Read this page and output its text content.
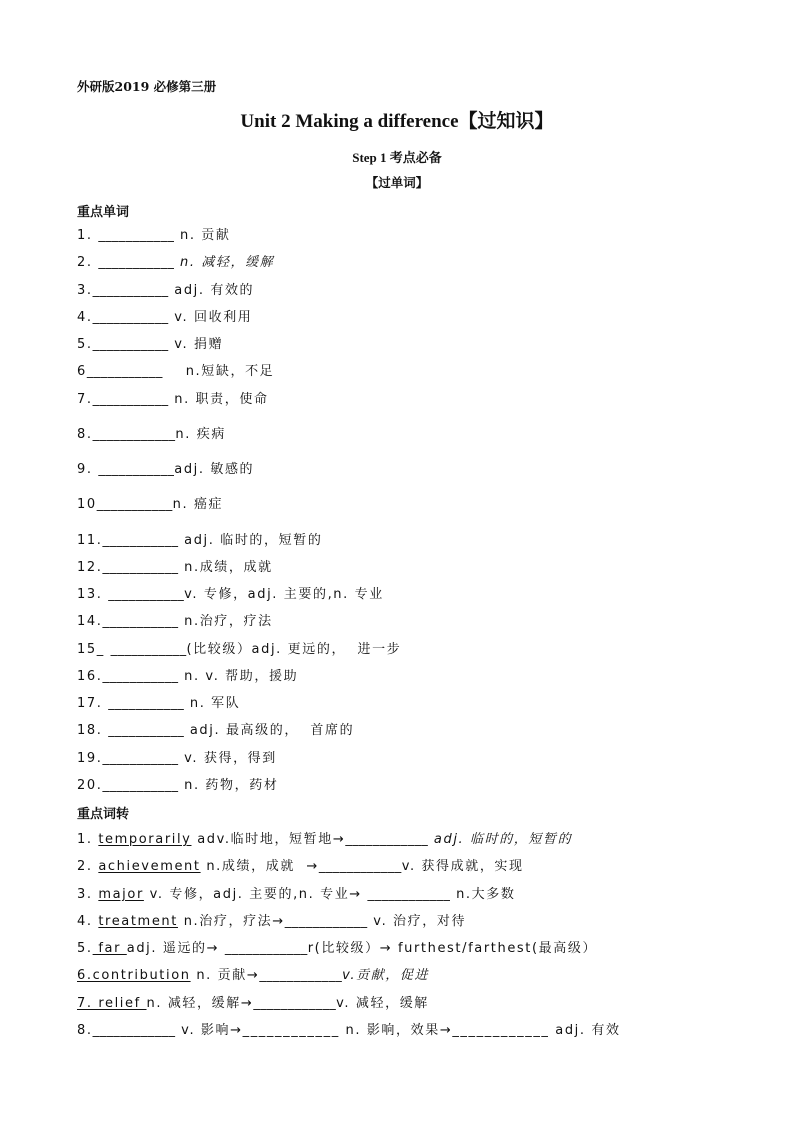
外研版2019 必修第三册
Unit 2 Making a difference【过知识】
Step 1 考点必备
【过单词】
重点单词
1. ___________ n. 贡献
2. ___________ n. 减轻，缓解
3.___________ adj. 有效的
4.___________ v. 回收利用
5.___________ v. 捐赠
6___________    n.短缺，不足
7.___________ n. 职责，使命
8.____________n. 疾病
9. ___________adj. 敏感的
10___________n. 癌症
11.___________ adj. 临时的，短暂的
12.___________ n.成绩，成就
13. ___________v. 专修，adj. 主要的,n. 专业
14.___________ n.治疗，疗法
15_ ___________(比较级）adj. 更远的，  进一步
16.___________ n. v. 帮助，援助
17. ___________ n. 军队
18. ___________ adj. 最高级的，  首席的
19.___________ v. 获得，得到
20.___________ n. 药物，药材
重点词转
1. temporarily adv.临时地，短暂地→____________ adj. 临时的，短暂的
2. achievement n.成绩，成就  →____________v. 获得成就，实现
3. major v. 专修，adj. 主要的,n. 专业→ ____________ n.大多数
4. treatment n.治疗，疗法→____________ v. 治疗，对待
5. far adj. 遥远的→ ____________r(比较级）→ furthest/farthest(最高级）
6.contribution n. 贡献→____________v.贡献，促进
7. relief n. 减轻，缓解→____________v. 减轻，缓解
8.____________ v. 影响→____________ n. 影响，效果→____________ adj. 有效
